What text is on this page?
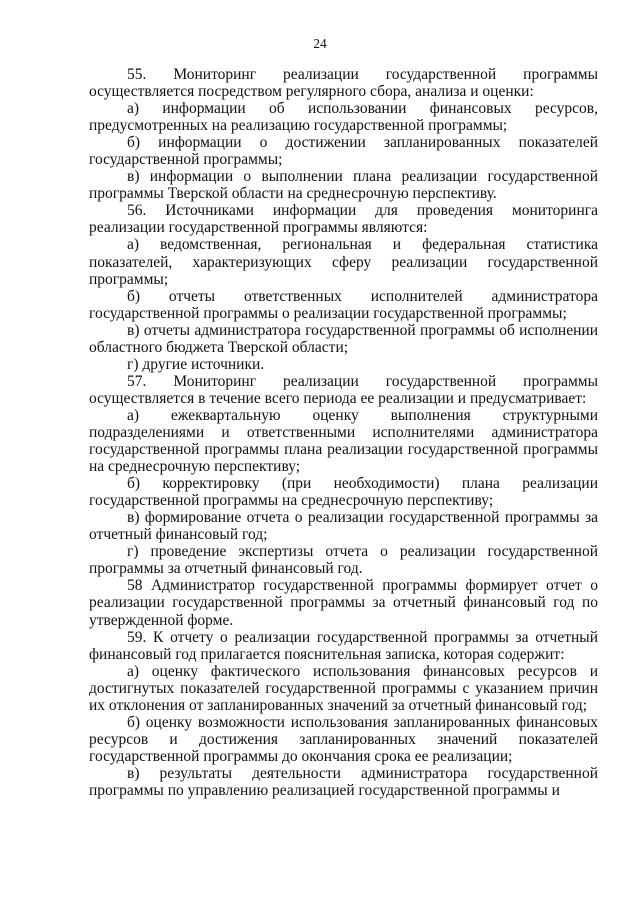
24

55. Мониторинг реализации государственной программы осуществляется посредством регулярного сбора, анализа и оценки:

а) информации об использовании финансовых ресурсов, предусмотренных на реализацию государственной программы;

б) информации о достижении запланированных показателей государственной программы;

в) информации о выполнении плана реализации государственной программы Тверской области на среднесрочную перспективу.

56. Источниками информации для проведения мониторинга реализации государственной программы являются:

а) ведомственная, региональная и федеральная статистика показателей, характеризующих сферу реализации государственной программы;

б) отчеты ответственных исполнителей администратора государственной программы о реализации государственной программы;

в) отчеты администратора государственной программы об исполнении областного бюджета Тверской области;

г) другие источники.

57. Мониторинг реализации государственной программы осуществляется в течение всего периода ее реализации и предусматривает:

а) ежеквартальную оценку выполнения структурными подразделениями и ответственными исполнителями администратора государственной программы плана реализации государственной программы на среднесрочную перспективу;

б) корректировку (при необходимости) плана реализации государственной программы на среднесрочную перспективу;

в) формирование отчета о реализации государственной программы за отчетный финансовый год;

г) проведение экспертизы отчета о реализации государственной программы за отчетный финансовый год.

58 Администратор государственной программы формирует отчет о реализации государственной программы за отчетный финансовый год по утвержденной форме.

59. К отчету о реализации государственной программы за отчетный финансовый год прилагается пояснительная записка, которая содержит:

а) оценку фактического использования финансовых ресурсов и достигнутых показателей государственной программы с указанием причин их отклонения от запланированных значений за отчетный финансовый год;

б) оценку возможности использования запланированных финансовых ресурсов и достижения запланированных значений показателей государственной программы до окончания срока ее реализации;

в) результаты деятельности администратора государственной программы по управлению реализацией государственной программы и
